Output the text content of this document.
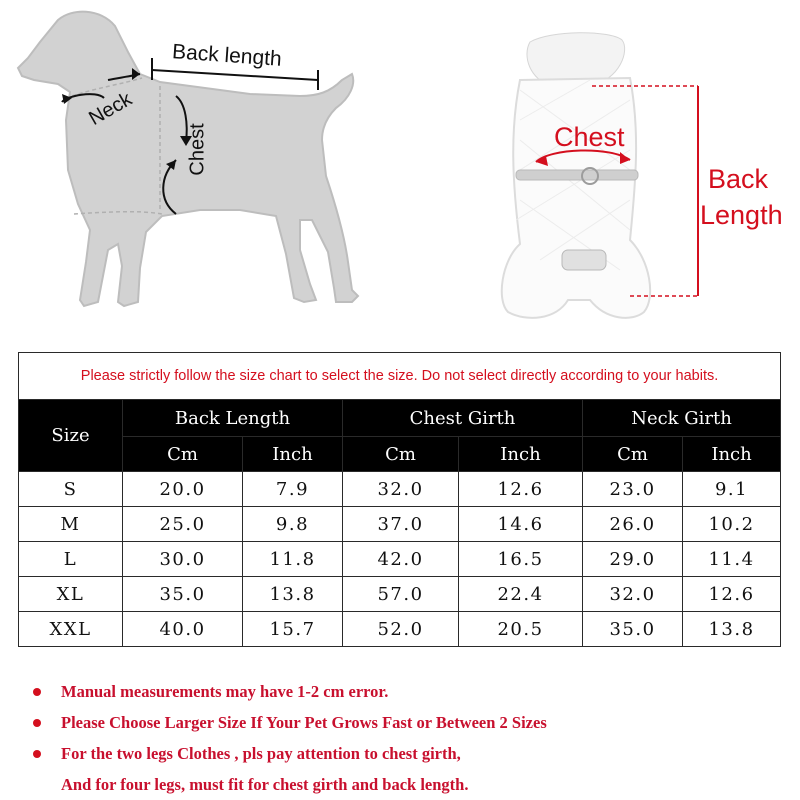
Back length
Neck
Chest	Chest
Back
Length
Please strictly follow the size chart to select the size. Do not select directly according to your habits.						
Size	Back Length		Chest Girth		Neck Girth	
	Cm	Inch	Cm	Inch	Cm	Inch
S	20.0	7.9	32.0	12.6	23.0	9.1
M	25.0	9.8	37.0	14.6	26.0	10.2
L	30.0	11.8	42.0	16.5	29.0	11.4
XL	35.0	13.8	57.0	22.4	32.0	12.6
XXL	40.0	15.7	52.0	20.5	35.0	13.8
Manual measurements may have 1-2 cm error.
Please Choose Larger Size If Your Pet Grows Fast or Between 2 Sizes
For the two legs Clothes , pls pay attention to chest girth,
And for four legs, must fit for chest girth and back length.
